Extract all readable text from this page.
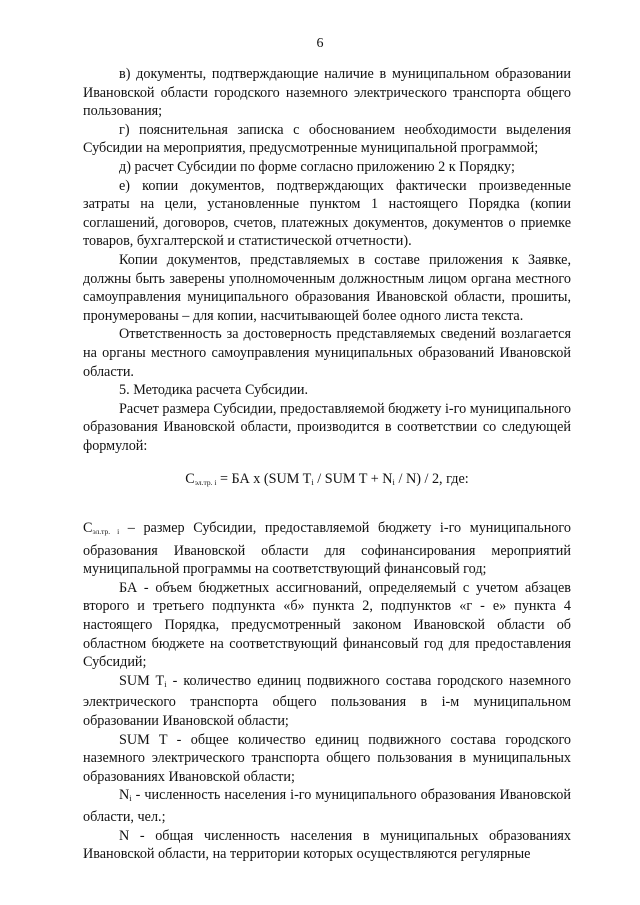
6

в) документы, подтверждающие наличие в муниципальном образовании Ивановской области городского наземного электрического транспорта общего пользования;

г) пояснительная записка с обоснованием необходимости выделения Субсидии на мероприятия, предусмотренные муниципальной программой;

д) расчет Субсидии по форме согласно приложению 2 к Порядку;

е) копии документов, подтверждающих фактически произведенные затраты на цели, установленные пунктом 1 настоящего Порядка (копии соглашений, договоров, счетов, платежных документов, документов о приемке товаров, бухгалтерской и статистической отчетности).

Копии документов, представляемых в составе приложения к Заявке, должны быть заверены уполномоченным должностным лицом органа местного самоуправления муниципального образования Ивановской области, прошиты, пронумерованы – для копии, насчитывающей более одного листа текста.

Ответственность за достоверность представляемых сведений возлагается на органы местного самоуправления муниципальных образований Ивановской области.

5. Методика расчета Субсидии.

Расчет размера Субсидии, предоставляемой бюджету i-го муниципального образования Ивановской области, производится в соответствии со следующей формулой:

Сэл.тр. i = БА x (SUM $T_i$ / SUM $T + N_i / N) / 2$, где:

Сэл.тр. i – размер Субсидии, предоставляемой бюджету i-го муниципального образования Ивановской области для софинансирования мероприятий муниципальной программы на соответствующий финансовый год;

БА - объем бюджетных ассигнований, определяемый с учетом абзацев второго и третьего подпункта «б» пункта 2, подпунктов «г - е» пункта 4 настоящего Порядка, предусмотренный законом Ивановской области об областном бюджете на соответствующий финансовый год для предоставления Субсидий;

SUM $T_i$ - количество единиц подвижного состава городского наземного электрического транспорта общего пользования в i-м муниципальном образовании Ивановской области;

SUM T - общее количество единиц подвижного состава городского наземного электрического транспорта общего пользования в муниципальных образованиях Ивановской области;

$N_i$ - численность населения i-го муниципального образования Ивановской области, чел.;

N - общая численность населения в муниципальных образованиях Ивановской области, на территории которых осуществляются регулярные
